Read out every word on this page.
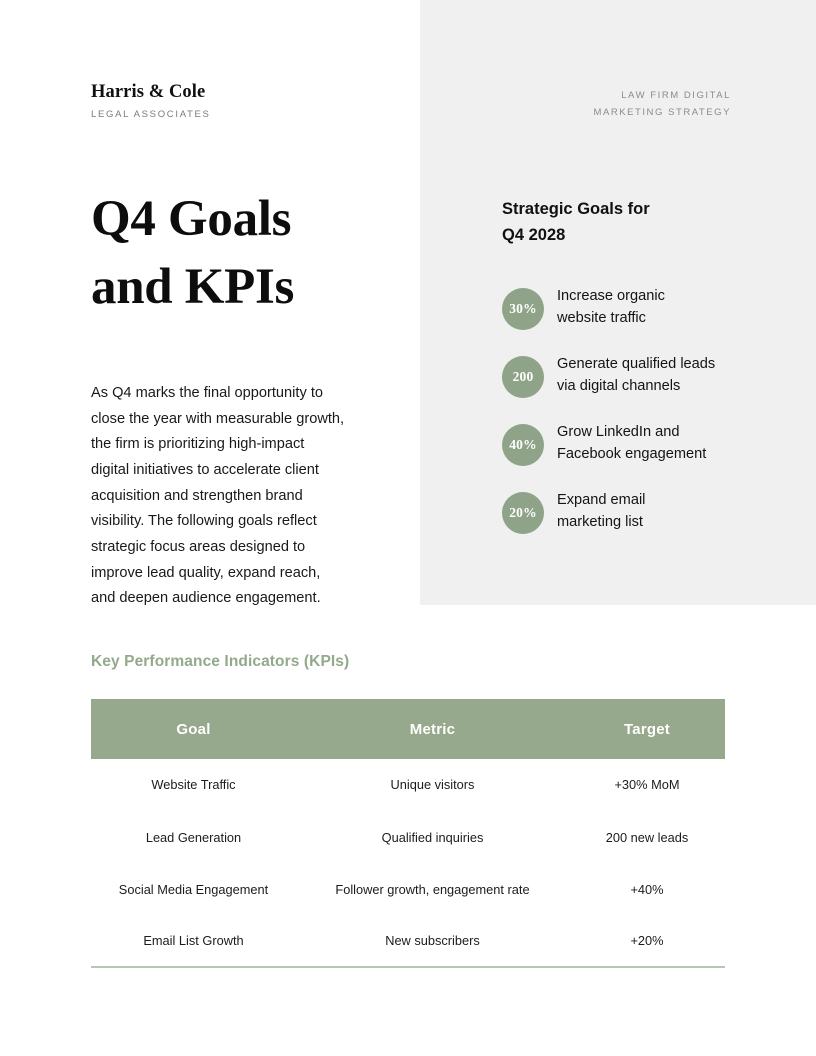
Harris & Cole
LEGAL ASSOCIATES
LAW FIRM DIGITAL
MARKETING STRATEGY
Q4 Goals
and KPIs

As Q4 marks the final opportunity to close the year with measurable growth, the firm is prioritizing high-impact digital initiatives to accelerate client acquisition and strengthen brand visibility. The following goals reflect strategic focus areas designed to improve lead quality, expand reach, and deepen audience engagement.

Strategic Goals for
Q4 2028
30%
Increase organic
website traffic
200
Generate qualified leads
via digital channels
40%
Grow LinkedIn and
Facebook engagement
20%
Expand email
marketing list
Key Performance Indicators (KPIs)
Goal	Metric	Target
Website Traffic	Unique visitors	+30% MoM
Lead Generation	Qualified inquiries	200 new leads
Social Media Engagement	Follower growth, engagement rate	+40%
Email List Growth	New subscribers	+20%
